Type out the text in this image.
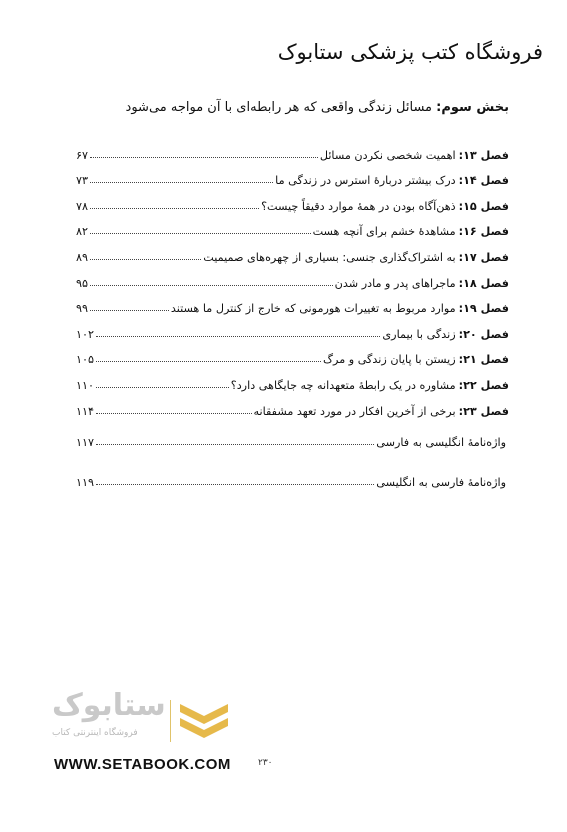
فروشگاه کتب پزشکی ستابوک
بخش سوم: مسائل زندگی واقعی که هر رابطه‌ای با آن مواجه می‌شود
فصل ۱۳:
اهمیت شخصی نکردن مسائل
۶۷
فصل ۱۴:
درک بیشتر دربارۀ استرس در زندگی ما
۷۳
فصل ۱۵:
ذهن‌آگاه بودن در همۀ موارد دقیقاً چیست؟
۷۸
فصل ۱۶:
مشاهدۀ خشم برای آنچه هست
۸۲
فصل ۱۷:
به اشتراک‌گذاری جنسی: بسیاری از چهره‌های صمیمیت
۸۹
فصل ۱۸:
ماجراهای پدر و مادر شدن
۹۵
فصل ۱۹:
موارد مربوط به تغییرات هورمونی که خارج از کنترل ما هستند
۹۹
فصل ۲۰:
زندگی با بیماری
۱۰۲
فصل ۲۱:
زیستن با پایان زندگی و مرگ
۱۰۵
فصل ۲۲:
مشاوره در یک رابطۀ متعهدانه چه جایگاهی دارد؟
۱۱۰
فصل ۲۳:
برخی از آخرین افکار در مورد تعهد مشفقانه
۱۱۴
واژه‌نامۀ انگلیسی به فارسی
۱۱۷
واژه‌نامۀ فارسی به انگلیسی
۱۱۹
ستابوک
فروشگاه اینترنتی کتاب
WWW.SETABOOK.COM	۲۳۰
